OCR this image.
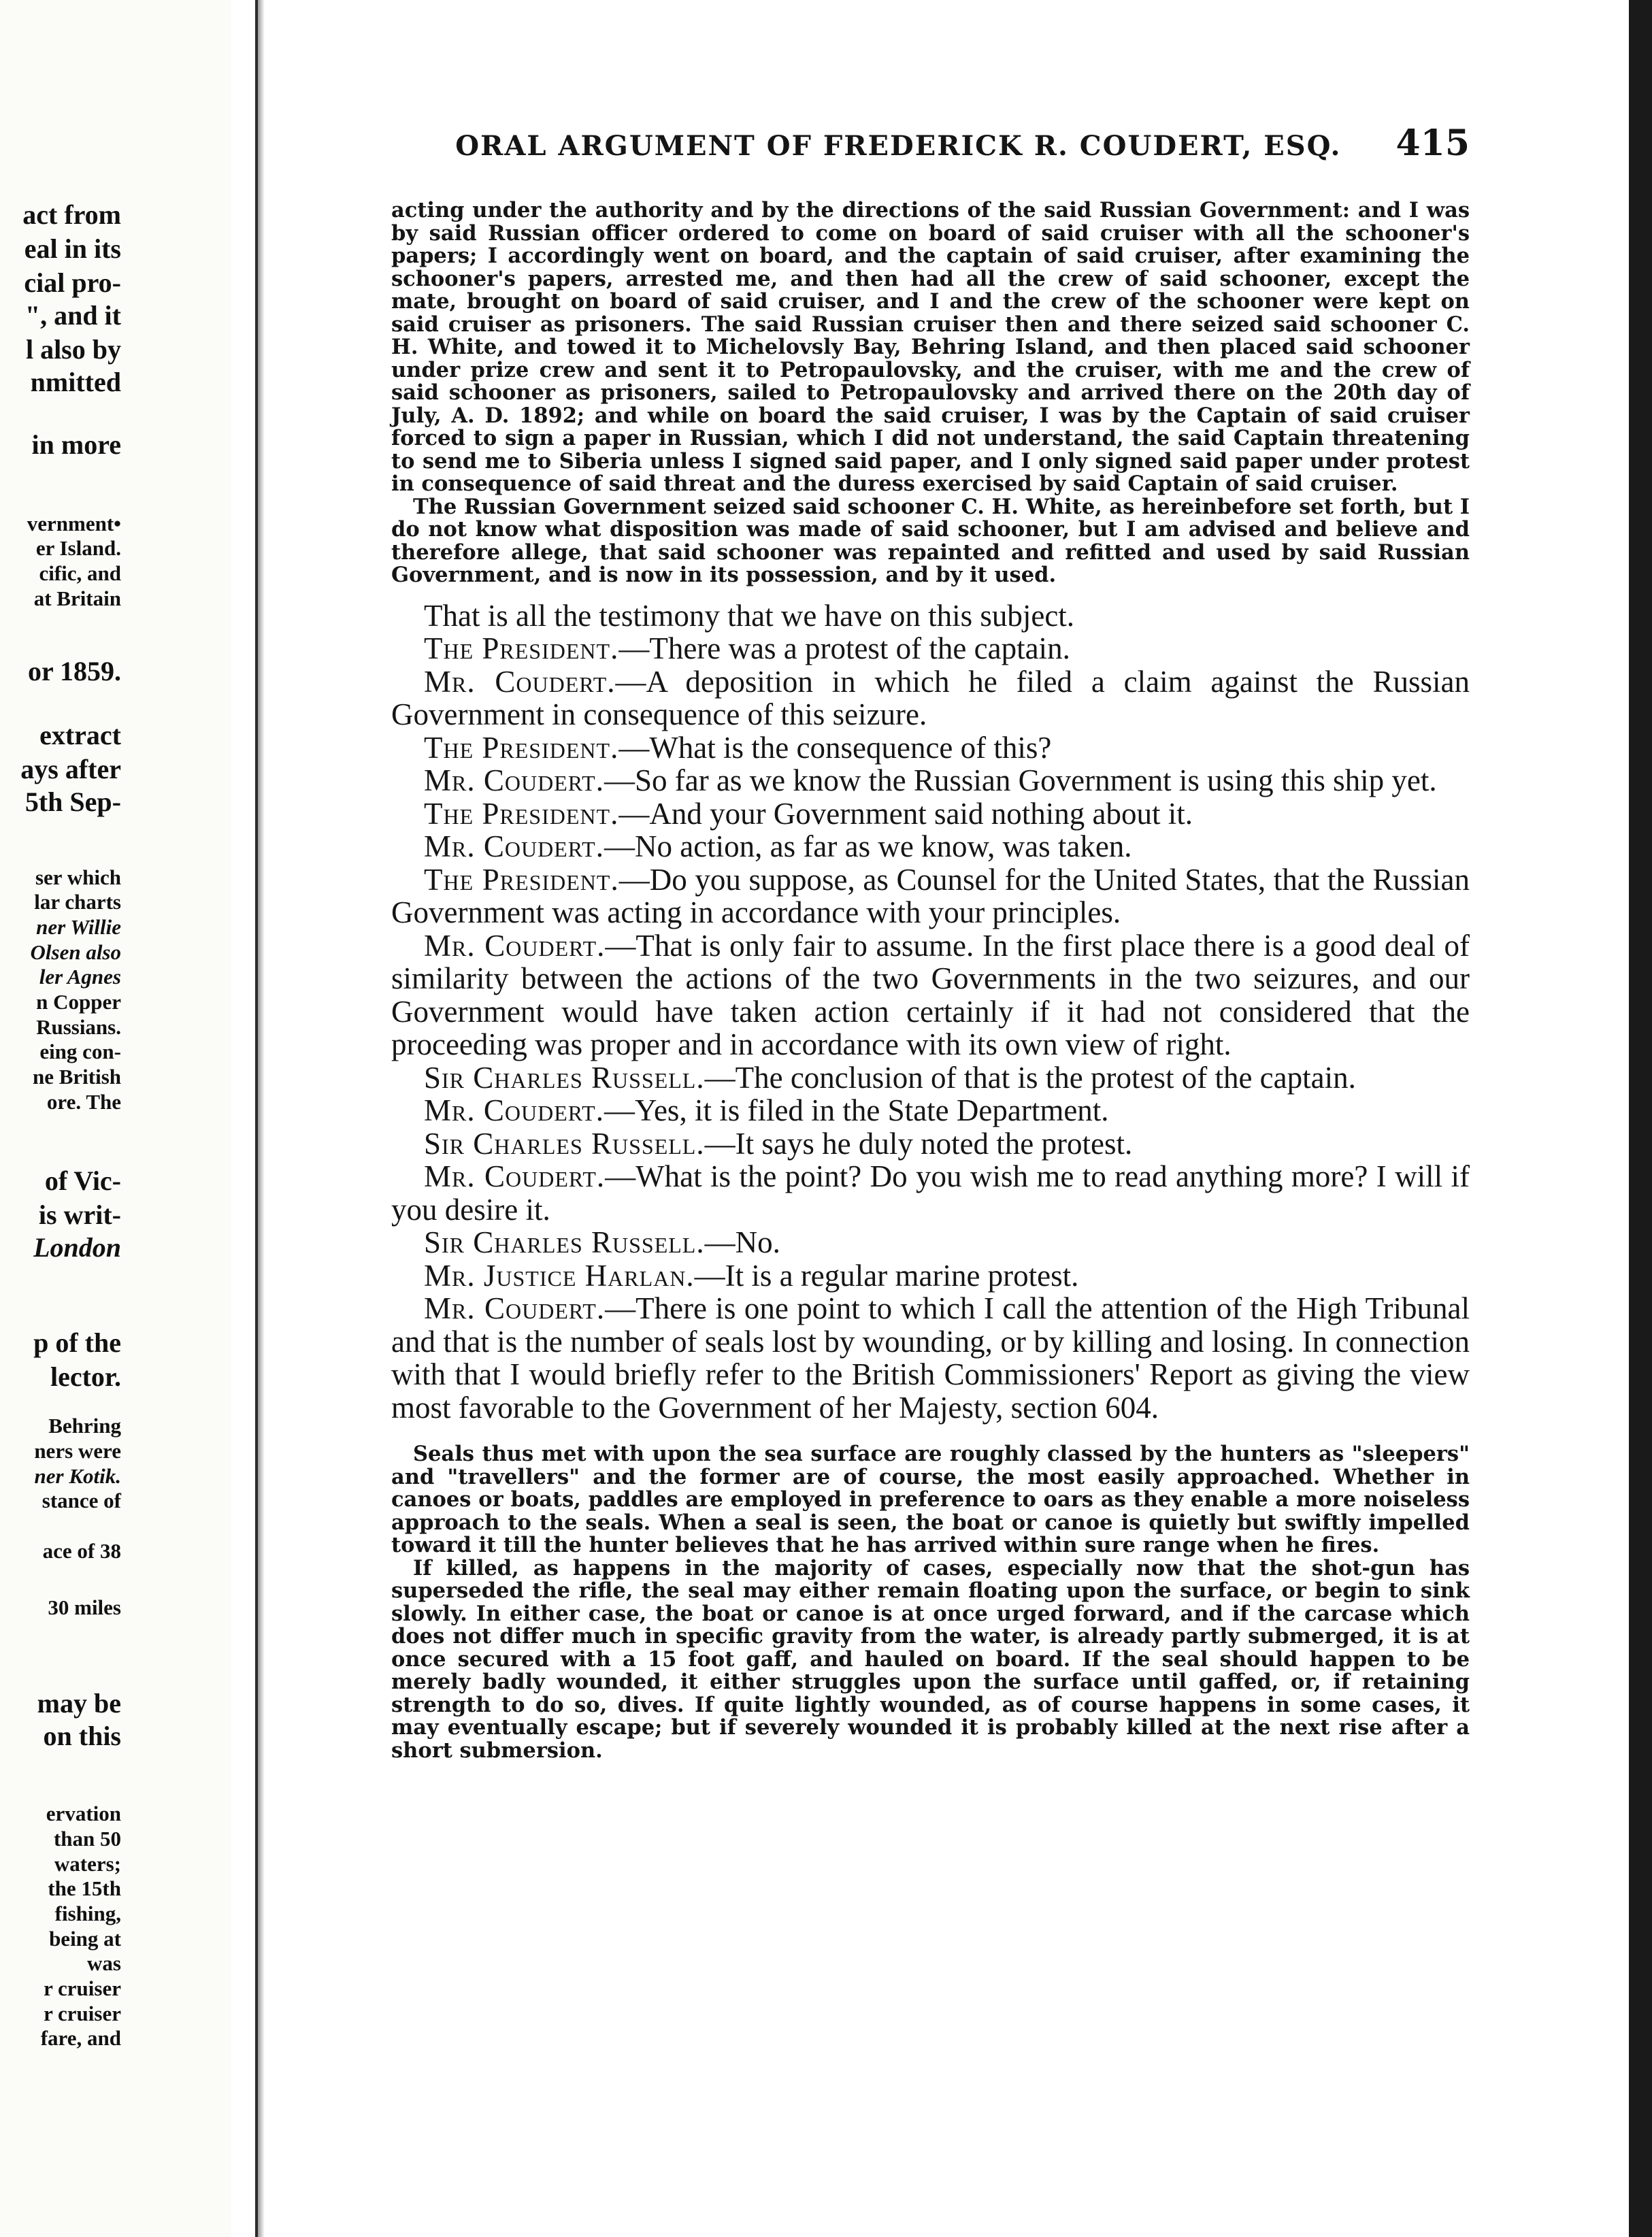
act from
eal in its
cial pro-
", and it
l also by
nmitted
in more
vernment•
er Island.
cific, and
at Britain
or 1859.
extract
ays after
5th Sep-
ser which
lar charts
ner Willie
Olsen also
ler Agnes
n Copper
Russians.
eing con-
ne British
ore. The
of Vic-
is writ-
London
p of the
lector.
Behring
ners were
ner Kotik.
stance of
ace of 38
30 miles
may be
on this
ervation
than 50
waters;
the 15th
fishing,
being at
was
r cruiser
r cruiser
fare, and
ORAL ARGUMENT OF FREDERICK R. COUDERT, ESQ. 415

acting under the authority and by the directions of the said Russian Government: and I was by said Russian officer ordered to come on board of said cruiser with all the schooner's papers; I accordingly went on board, and the captain of said cruiser, after examining the schooner's papers, arrested me, and then had all the crew of said schooner, except the mate, brought on board of said cruiser, and I and the crew of the schooner were kept on said cruiser as prisoners. The said Russian cruiser then and there seized said schooner C. H. White, and towed it to Michelovsly Bay, Behring Island, and then placed said schooner under prize crew and sent it to Petropaulovsky, and the cruiser, with me and the crew of said schooner as prisoners, sailed to Petropaulovsky and arrived there on the 20th day of July, A. D. 1892; and while on board the said cruiser, I was by the Captain of said cruiser forced to sign a paper in Russian, which I did not understand, the said Captain threatening to send me to Siberia unless I signed said paper, and I only signed said paper under protest in consequence of said threat and the duress exercised by said Captain of said cruiser.

The Russian Government seized said schooner C. H. White, as hereinbefore set forth, but I do not know what disposition was made of said schooner, but I am advised and believe and therefore allege, that said schooner was repainted and refitted and used by said Russian Government, and is now in its possession, and by it used.

That is all the testimony that we have on this subject.

The President.—There was a protest of the captain.

Mr. Coudert.—A deposition in which he filed a claim against the Russian Government in consequence of this seizure.

The President.—What is the consequence of this?

Mr. Coudert.—So far as we know the Russian Government is using this ship yet.

The President.—And your Government said nothing about it.

Mr. Coudert.—No action, as far as we know, was taken.

The President.—Do you suppose, as Counsel for the United States, that the Russian Government was acting in accordance with your principles.

Mr. Coudert.—That is only fair to assume. In the first place there is a good deal of similarity between the actions of the two Governments in the two seizures, and our Government would have taken action certainly if it had not considered that the proceeding was proper and in accordance with its own view of right.

Sir Charles Russell.—The conclusion of that is the protest of the captain.

Mr. Coudert.—Yes, it is filed in the State Department.

Sir Charles Russell.—It says he duly noted the protest.

Mr. Coudert.—What is the point? Do you wish me to read anything more? I will if you desire it.

Sir Charles Russell.—No.

Mr. Justice Harlan.—It is a regular marine protest.

Mr. Coudert.—There is one point to which I call the attention of the High Tribunal and that is the number of seals lost by wounding, or by killing and losing. In connection with that I would briefly refer to the British Commissioners' Report as giving the view most favorable to the Government of her Majesty, section 604.

Seals thus met with upon the sea surface are roughly classed by the hunters as "sleepers" and "travellers" and the former are of course, the most easily approached. Whether in canoes or boats, paddles are employed in preference to oars as they enable a more noiseless approach to the seals. When a seal is seen, the boat or canoe is quietly but swiftly impelled toward it till the hunter believes that he has arrived within sure range when he fires.

If killed, as happens in the majority of cases, especially now that the shot-gun has superseded the rifle, the seal may either remain floating upon the surface, or begin to sink slowly. In either case, the boat or canoe is at once urged forward, and if the carcase which does not differ much in specific gravity from the water, is already partly submerged, it is at once secured with a 15 foot gaff, and hauled on board. If the seal should happen to be merely badly wounded, it either struggles upon the surface until gaffed, or, if retaining strength to do so, dives. If quite lightly wounded, as of course happens in some cases, it may eventually escape; but if severely wounded it is probably killed at the next rise after a short submersion.
